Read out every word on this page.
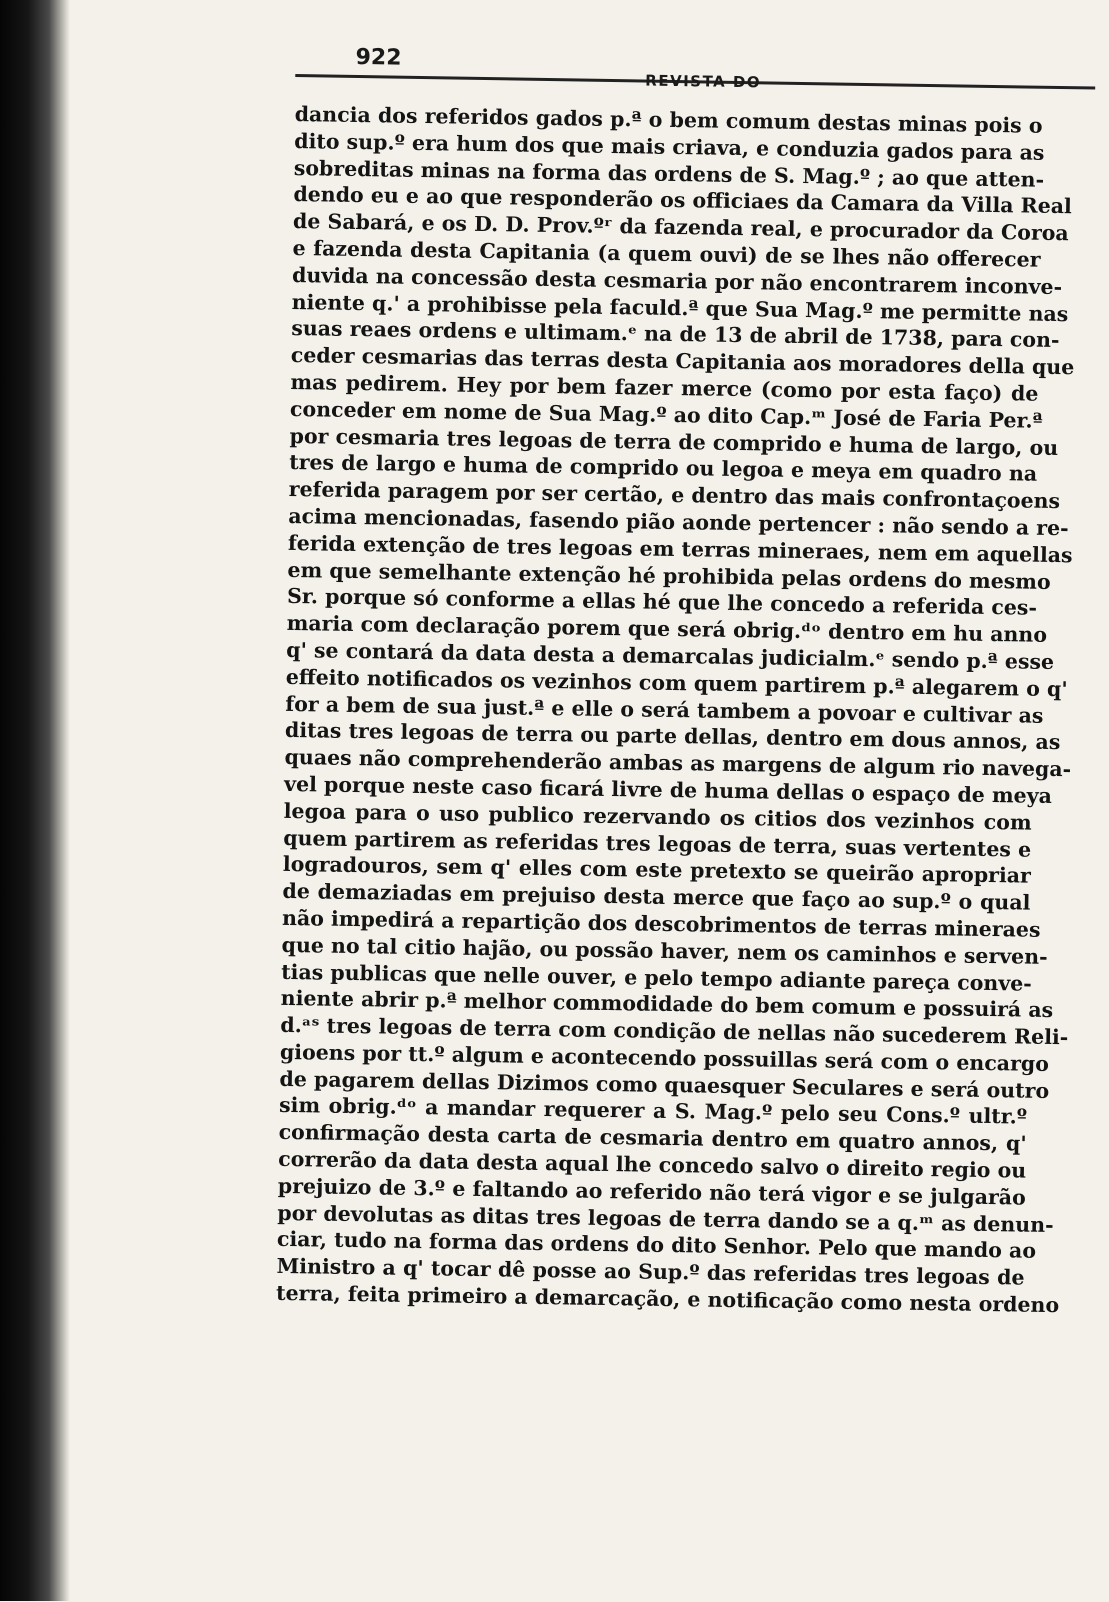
922
REVISTA DO
dancia dos referidos gados p.ª o bem comum destas minas pois o
dito sup.º era hum dos que mais criava, e conduzia gados para as
sobreditas minas na forma das ordens de S. Mag.º ; ao que atten-
dendo eu e ao que responderão os officiaes da Camara da Villa Real
de Sabará, e os D. D. Prov.ºʳ da fazenda real, e procurador da Coroa
e fazenda desta Capitania (a quem ouvi) de se lhes não offerecer
duvida na concessão desta cesmaria por não encontrarem inconve-
niente q.' a prohibisse pela faculd.ª que Sua Mag.º me permitte nas
suas reaes ordens e ultimam.ᵉ na de 13 de abril de 1738, para con-
ceder cesmarias das terras desta Capitania aos moradores della que
mas pedirem. Hey por bem fazer merce (como por esta faço) de
conceder em nome de Sua Mag.º ao dito Cap.ᵐ José de Faria Per.ª
por cesmaria tres legoas de terra de comprido e huma de largo, ou
tres de largo e huma de comprido ou legoa e meya em quadro na
referida paragem por ser certão, e dentro das mais confrontaçoens
acima mencionadas, fasendo pião aonde pertencer : não sendo a re-
ferida extenção de tres legoas em terras mineraes, nem em aquellas
em que semelhante extenção hé prohibida pelas ordens do mesmo
Sr. porque só conforme a ellas hé que lhe concedo a referida ces-
maria com declaração porem que será obrig.ᵈᵒ dentro em hu anno
q' se contará da data desta a demarcalas judicialm.ᵉ sendo p.ª esse
effeito notificados os vezinhos com quem partirem p.ª alegarem o q'
for a bem de sua just.ª e elle o será tambem a povoar e cultivar as
ditas tres legoas de terra ou parte dellas, dentro em dous annos, as
quaes não comprehenderão ambas as margens de algum rio navega-
vel porque neste caso ficará livre de huma dellas o espaço de meya
legoa para o uso publico rezervando os citios dos vezinhos com
quem partirem as referidas tres legoas de terra, suas vertentes e
logradouros, sem q' elles com este pretexto se queirão apropriar
de demaziadas em prejuiso desta merce que faço ao sup.º o qual
não impedirá a repartição dos descobrimentos de terras mineraes
que no tal citio hajão, ou possão haver, nem os caminhos e serven-
tias publicas que nelle ouver, e pelo tempo adiante pareça conve-
niente abrir p.ª melhor commodidade do bem comum e possuirá as
d.ᵃˢ tres legoas de terra com condição de nellas não sucederem Reli-
gioens por tt.º algum e acontecendo possuillas será com o encargo
de pagarem dellas Dizimos como quaesquer Seculares e será outro
sim obrig.ᵈᵒ a mandar requerer a S. Mag.º pelo seu Cons.º ultr.º
confirmação desta carta de cesmaria dentro em quatro annos, q'
correrão da data desta aqual lhe concedo salvo o direito regio ou
prejuizo de 3.º e faltando ao referido não terá vigor e se julgarão
por devolutas as ditas tres legoas de terra dando se a q.ᵐ as denun-
ciar, tudo na forma das ordens do dito Senhor. Pelo que mando ao
Ministro a q' tocar dê posse ao Sup.º das referidas tres legoas de
terra, feita primeiro a demarcação, e notificação como nesta ordeno
